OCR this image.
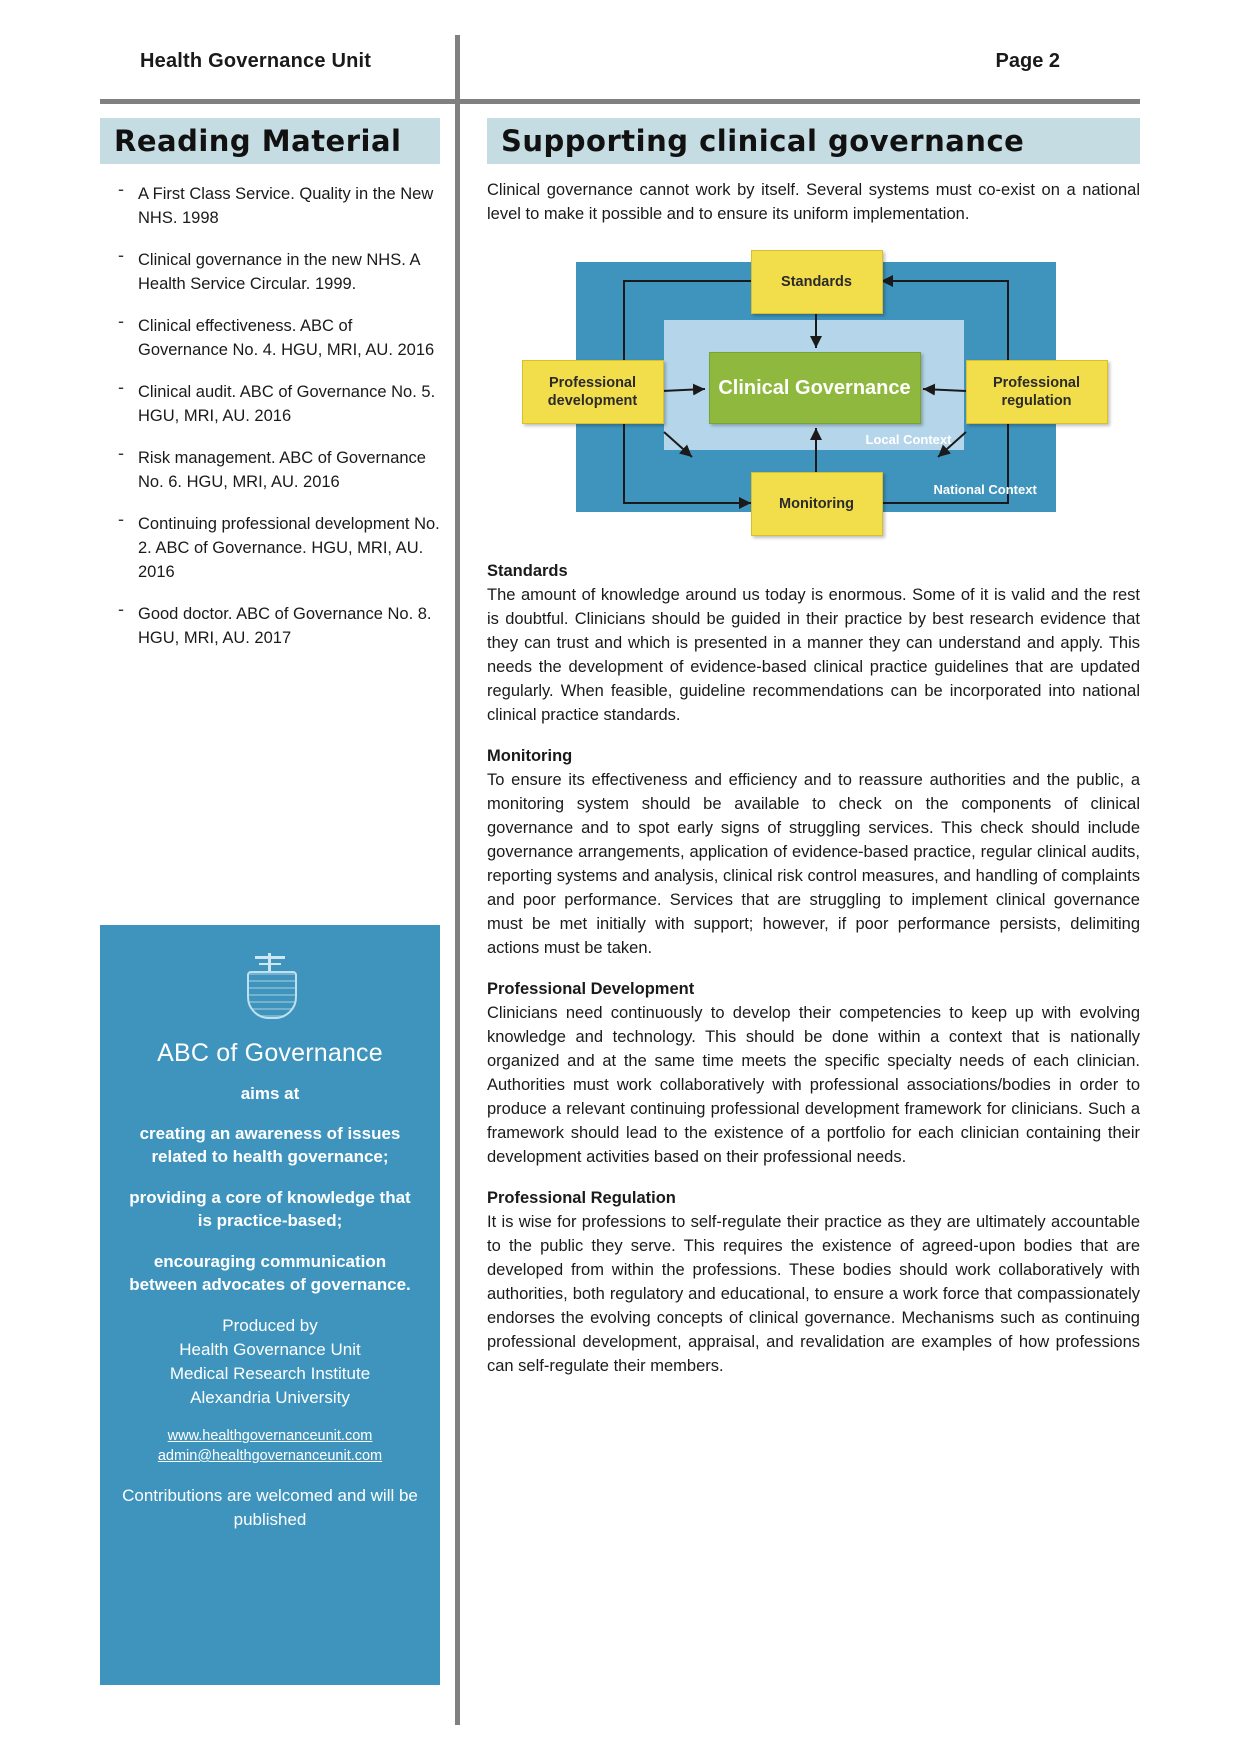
Health Governance Unit	Page 2
Reading Material
- A First Class Service. Quality in the New NHS. 1998
- Clinical governance in the new NHS. A Health Service Circular. 1999.
- Clinical effectiveness. ABC of Governance No. 4. HGU, MRI, AU. 2016
- Clinical audit. ABC of Governance No. 5. HGU, MRI, AU. 2016
- Risk management. ABC of Governance No. 6. HGU, MRI, AU. 2016
- Continuing professional development No. 2. ABC of Governance. HGU, MRI, AU. 2016
- Good doctor. ABC of Governance No. 8. HGU, MRI, AU. 2017
ABC of Governance
aims at
creating an awareness of issues related to health governance;
providing a core of knowledge that is practice-based;
encouraging communication between advocates of governance.
Produced by
Health Governance Unit
Medical Research Institute
Alexandria University
www.healthgovernanceunit.com
admin@healthgovernanceunit.com
Contributions are welcomed and will be published
Supporting clinical governance
Clinical governance cannot work by itself. Several systems must co-exist on a national level to make it possible and to ensure its uniform implementation.
Standards
Monitoring
Professional development
Professional regulation
Clinical Governance
Local Context
National Context
Standards
The amount of knowledge around us today is enormous. Some of it is valid and the rest is doubtful. Clinicians should be guided in their practice by best research evidence that they can trust and which is presented in a manner they can understand and apply. This needs the development of evidence-based clinical practice guidelines that are updated regularly. When feasible, guideline recommendations can be incorporated into national clinical practice standards.
Monitoring
To ensure its effectiveness and efficiency and to reassure authorities and the public, a monitoring system should be available to check on the components of clinical governance and to spot early signs of struggling services. This check should include governance arrangements, application of evidence-based practice, regular clinical audits, reporting systems and analysis, clinical risk control measures, and handling of complaints and poor performance. Services that are struggling to implement clinical governance must be met initially with support; however, if poor performance persists, delimiting actions must be taken.
Professional Development
Clinicians need continuously to develop their competencies to keep up with evolving knowledge and technology. This should be done within a context that is nationally organized and at the same time meets the specific specialty needs of each clinician. Authorities must work collaboratively with professional associations/bodies in order to produce a relevant continuing professional development framework for clinicians. Such a framework should lead to the existence of a portfolio for each clinician containing their development activities based on their professional needs.
Professional Regulation
It is wise for professions to self-regulate their practice as they are ultimately accountable to the public they serve. This requires the existence of agreed-upon bodies that are developed from within the professions. These bodies should work collaboratively with authorities, both regulatory and educational, to ensure a work force that compassionately endorses the evolving concepts of clinical governance. Mechanisms such as continuing professional development, appraisal, and revalidation are examples of how professions can self-regulate their members.
